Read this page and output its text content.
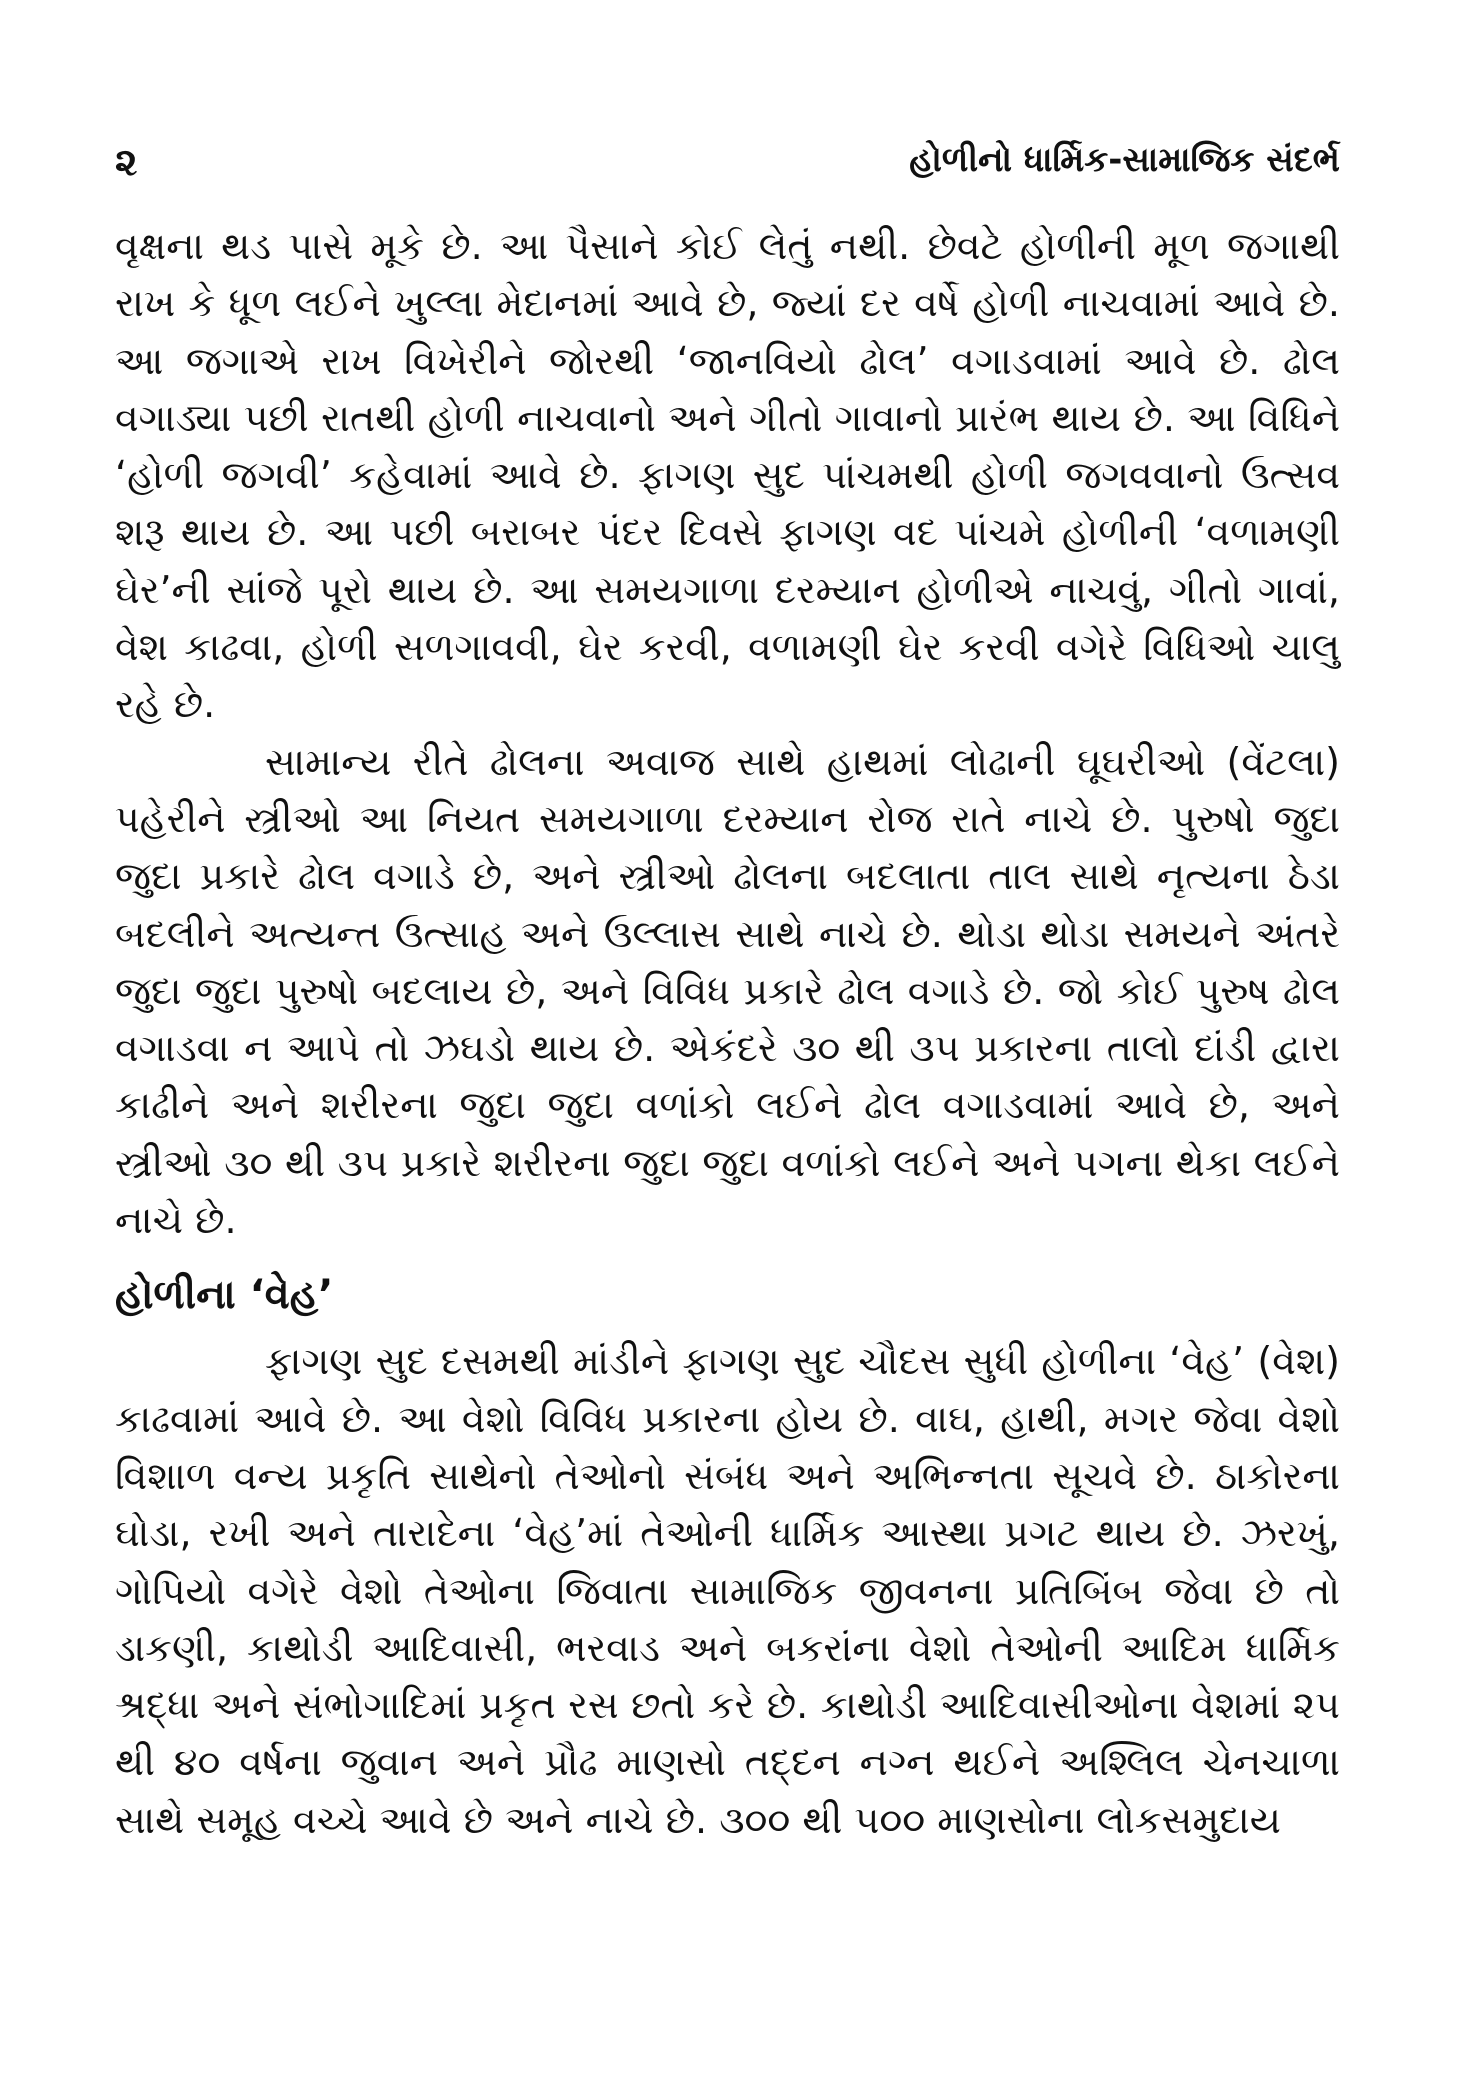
૨	હોળીનો ધાર્મિક-સામાજિક સંદર્ભ

વૃક્ષના થડ પાસે મૂકે છે. આ પૈસાને કોઈ લેતું નથી. છેવટે હોળીની મૂળ જગાથી રાખ કે ધૂળ લઈને ખુલ્લા મેદાનમાં આવે છે, જ્યાં દર વર્ષે હોળી નાચવામાં આવે છે. આ જગાએ રાખ વિખેરીને જોરથી ‘જાનવિયો ઢોલ’ વગાડવામાં આવે છે. ઢોલ વગાડ્યા પછી રાતથી હોળી નાચવાનો અને ગીતો ગાવાનો પ્રારંભ થાય છે. આ વિધિને ‘હોળી જગવી’ કહેવામાં આવે છે. ફાગણ સુદ પાંચમથી હોળી જગવવાનો ઉત્સવ શરૂ થાય છે. આ પછી બરાબર પંદર દિવસે ફાગણ વદ પાંચમે હોળીની ‘વળામણી ઘેર’ની સાંજે પૂરો થાય છે. આ સમયગાળા દરમ્યાન હોળીએ નાચવું, ગીતો ગાવાં, વેશ કાઢવા, હોળી સળગાવવી, ઘેર કરવી, વળામણી ઘેર કરવી વગેરે વિધિઓ ચાલુ રહે છે.

સામાન્ય રીતે ઢોલના અવાજ સાથે હાથમાં લોઢાની ઘૂઘરીઓ (વેંટલા) પહેરીને સ્ત્રીઓ આ નિયત સમયગાળા દરમ્યાન રોજ રાતે નાચે છે. પુરુષો જુદા જુદા પ્રકારે ઢોલ વગાડે છે, અને સ્ત્રીઓ ઢોલના બદલાતા તાલ સાથે નૃત્યના ઠેડા બદલીને અત્યન્ત ઉત્સાહ અને ઉલ્લાસ સાથે નાચે છે. થોડા થોડા સમયને અંતરે જુદા જુદા પુરુષો બદલાય છે, અને વિવિધ પ્રકારે ઢોલ વગાડે છે. જો કોઈ પુરુષ ઢોલ વગાડવા ન આપે તો ઝઘડો થાય છે. એકંદરે ૩૦ થી ૩૫ પ્રકારના તાલો દાંડી દ્વારા કાઢીને અને શરીરના જુદા જુદા વળાંકો લઈને ઢોલ વગાડવામાં આવે છે, અને સ્ત્રીઓ ૩૦ થી ૩૫ પ્રકારે શરીરના જુદા જુદા વળાંકો લઈને અને પગના થેકા લઈને નાચે છે.

હોળીના ‘વેહ’

ફાગણ સુદ દસમથી માંડીને ફાગણ સુદ ચૌદસ સુધી હોળીના ‘વેહ’ (વેશ) કાઢવામાં આવે છે. આ વેશો વિવિધ પ્રકારના હોય છે. વાઘ, હાથી, મગર જેવા વેશો વિશાળ વન્ય પ્રકૃતિ સાથેનો તેઓનો સંબંધ અને અભિન્નતા સૂચવે છે. ઠાકોરના ઘોડા, રખી અને તારાદેના ‘વેહ’માં તેઓની ધાર્મિક આસ્થા પ્રગટ થાય છે. ઝરખું, ગોપિયો વગેરે વેશો તેઓના જિવાતા સામાજિક જીવનના પ્રતિબિંબ જેવા છે તો ડાકણી, કાથોડી આદિવાસી, ભરવાડ અને બકરાંના વેશો તેઓની આદિમ ધાર્મિક શ્રદ્ધા અને સંભોગાદિમાં પ્રકૃત રસ છતો કરે છે. કાથોડી આદિવાસીઓના વેશમાં ૨૫ થી ૪૦ વર્ષના જુવાન અને પ્રૌઢ માણસો તદ્દન નગ્ન થઈને અશ્લિલ ચેનચાળા સાથે સમૂહ વચ્ચે આવે છે અને નાચે છે. ૩૦૦ થી ૫૦૦ માણસોના લોકસમુદાય
